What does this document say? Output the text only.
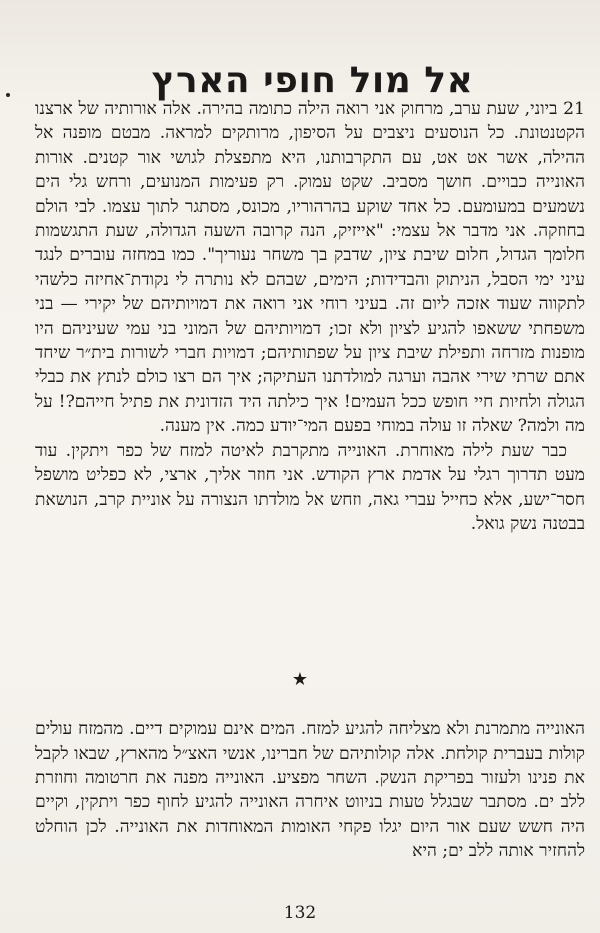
אל מול חופי הארץ

21 ביוני, שעת ערב, מרחוק אני רואה הילה כתומה בהירה. אלה אורותיה של ארצנו הקטנטונת. כל הנוסעים ניצבים על הסיפון, מרותקים למראה. מבטם מופנה אל ההילה, אשר אט אט, עם התקרבותנו, היא מתפצלת לגושי אור קטנים. אורות האונייה כבויים. חושך מסביב. שקט עמוק. רק פעימות המנועים, ורחש גלי הים נשמעים במעומעם. כל אחד שוקע בהרהוריו, מכונס, מסתגר לתוך עצמו. לבי הולם בחוזקה. אני מדבר אל עצמי: "אייזיק, הנה קרובה השעה הגדולה, שעת התגשמות חלומך הגדול, חלום שיבת ציון, שדבק בך משחר נעוריך". כמו במחזה עוברים לנגד עיני ימי הסבל, הניתוק והבדידות; הימים, שבהם לא נותרה לי נקודת־אחיזה כלשהי לתקווה שעוד אזכה ליום זה. בעיני רוחי אני רואה את דמויותיהם של יקירי — בני משפחתי ששאפו להגיע לציון ולא זכו; דמויותיהם של המוני בני עמי שעיניהם היו מופנות מזרחה ותפילת שיבת ציון על שפתותיהם; דמויות חברי לשורות בית״ר שיחד אתם שרתי שירי אהבה וערגה למולדתנו העתיקה; איך הם רצו כולם לנתץ את כבלי הגולה ולחיות חיי חופש ככל העמים! איך כילתה היד הזדונית את פתיל חייהם?! על מה ולמה? שאלה זו עולה במוחי בפעם המי־יודע כמה. אין מענה.

כבר שעת לילה מאוחרת. האונייה מתקרבת לאיטה למזח של כפר ויתקין. עוד מעט תדרוך רגלי על אדמת ארץ הקודש. אני חוזר אליך, ארצי, לא כפליט מושפל חסר־ישע, אלא כחייל עברי גאה, וזחש אל מולדתו הנצורה על אוניית קרב, הנושאת בבטנה נשק גואל.

★

האונייה מתמרנת ולא מצליחה להגיע למזח. המים אינם עמוקים דיים. מהמזח עולים קולות בעברית קולחת. אלה קולותיהם של חברינו, אנשי האצ״ל מהארץ, שבאו לקבל את פנינו ולעזור בפריקת הנשק. השחר מפציע. האונייה מפנה את חרטומה וחוזרת ללב ים. מסתבר שבגלל טעות בניווט איחרה האונייה להגיע לחוף כפר ויתקין, וקיים היה חשש שעם אור היום יגלו פקחי האומות המאוחדות את האונייה. לכן הוחלט להחזיר אותה ללב ים; היא

132
